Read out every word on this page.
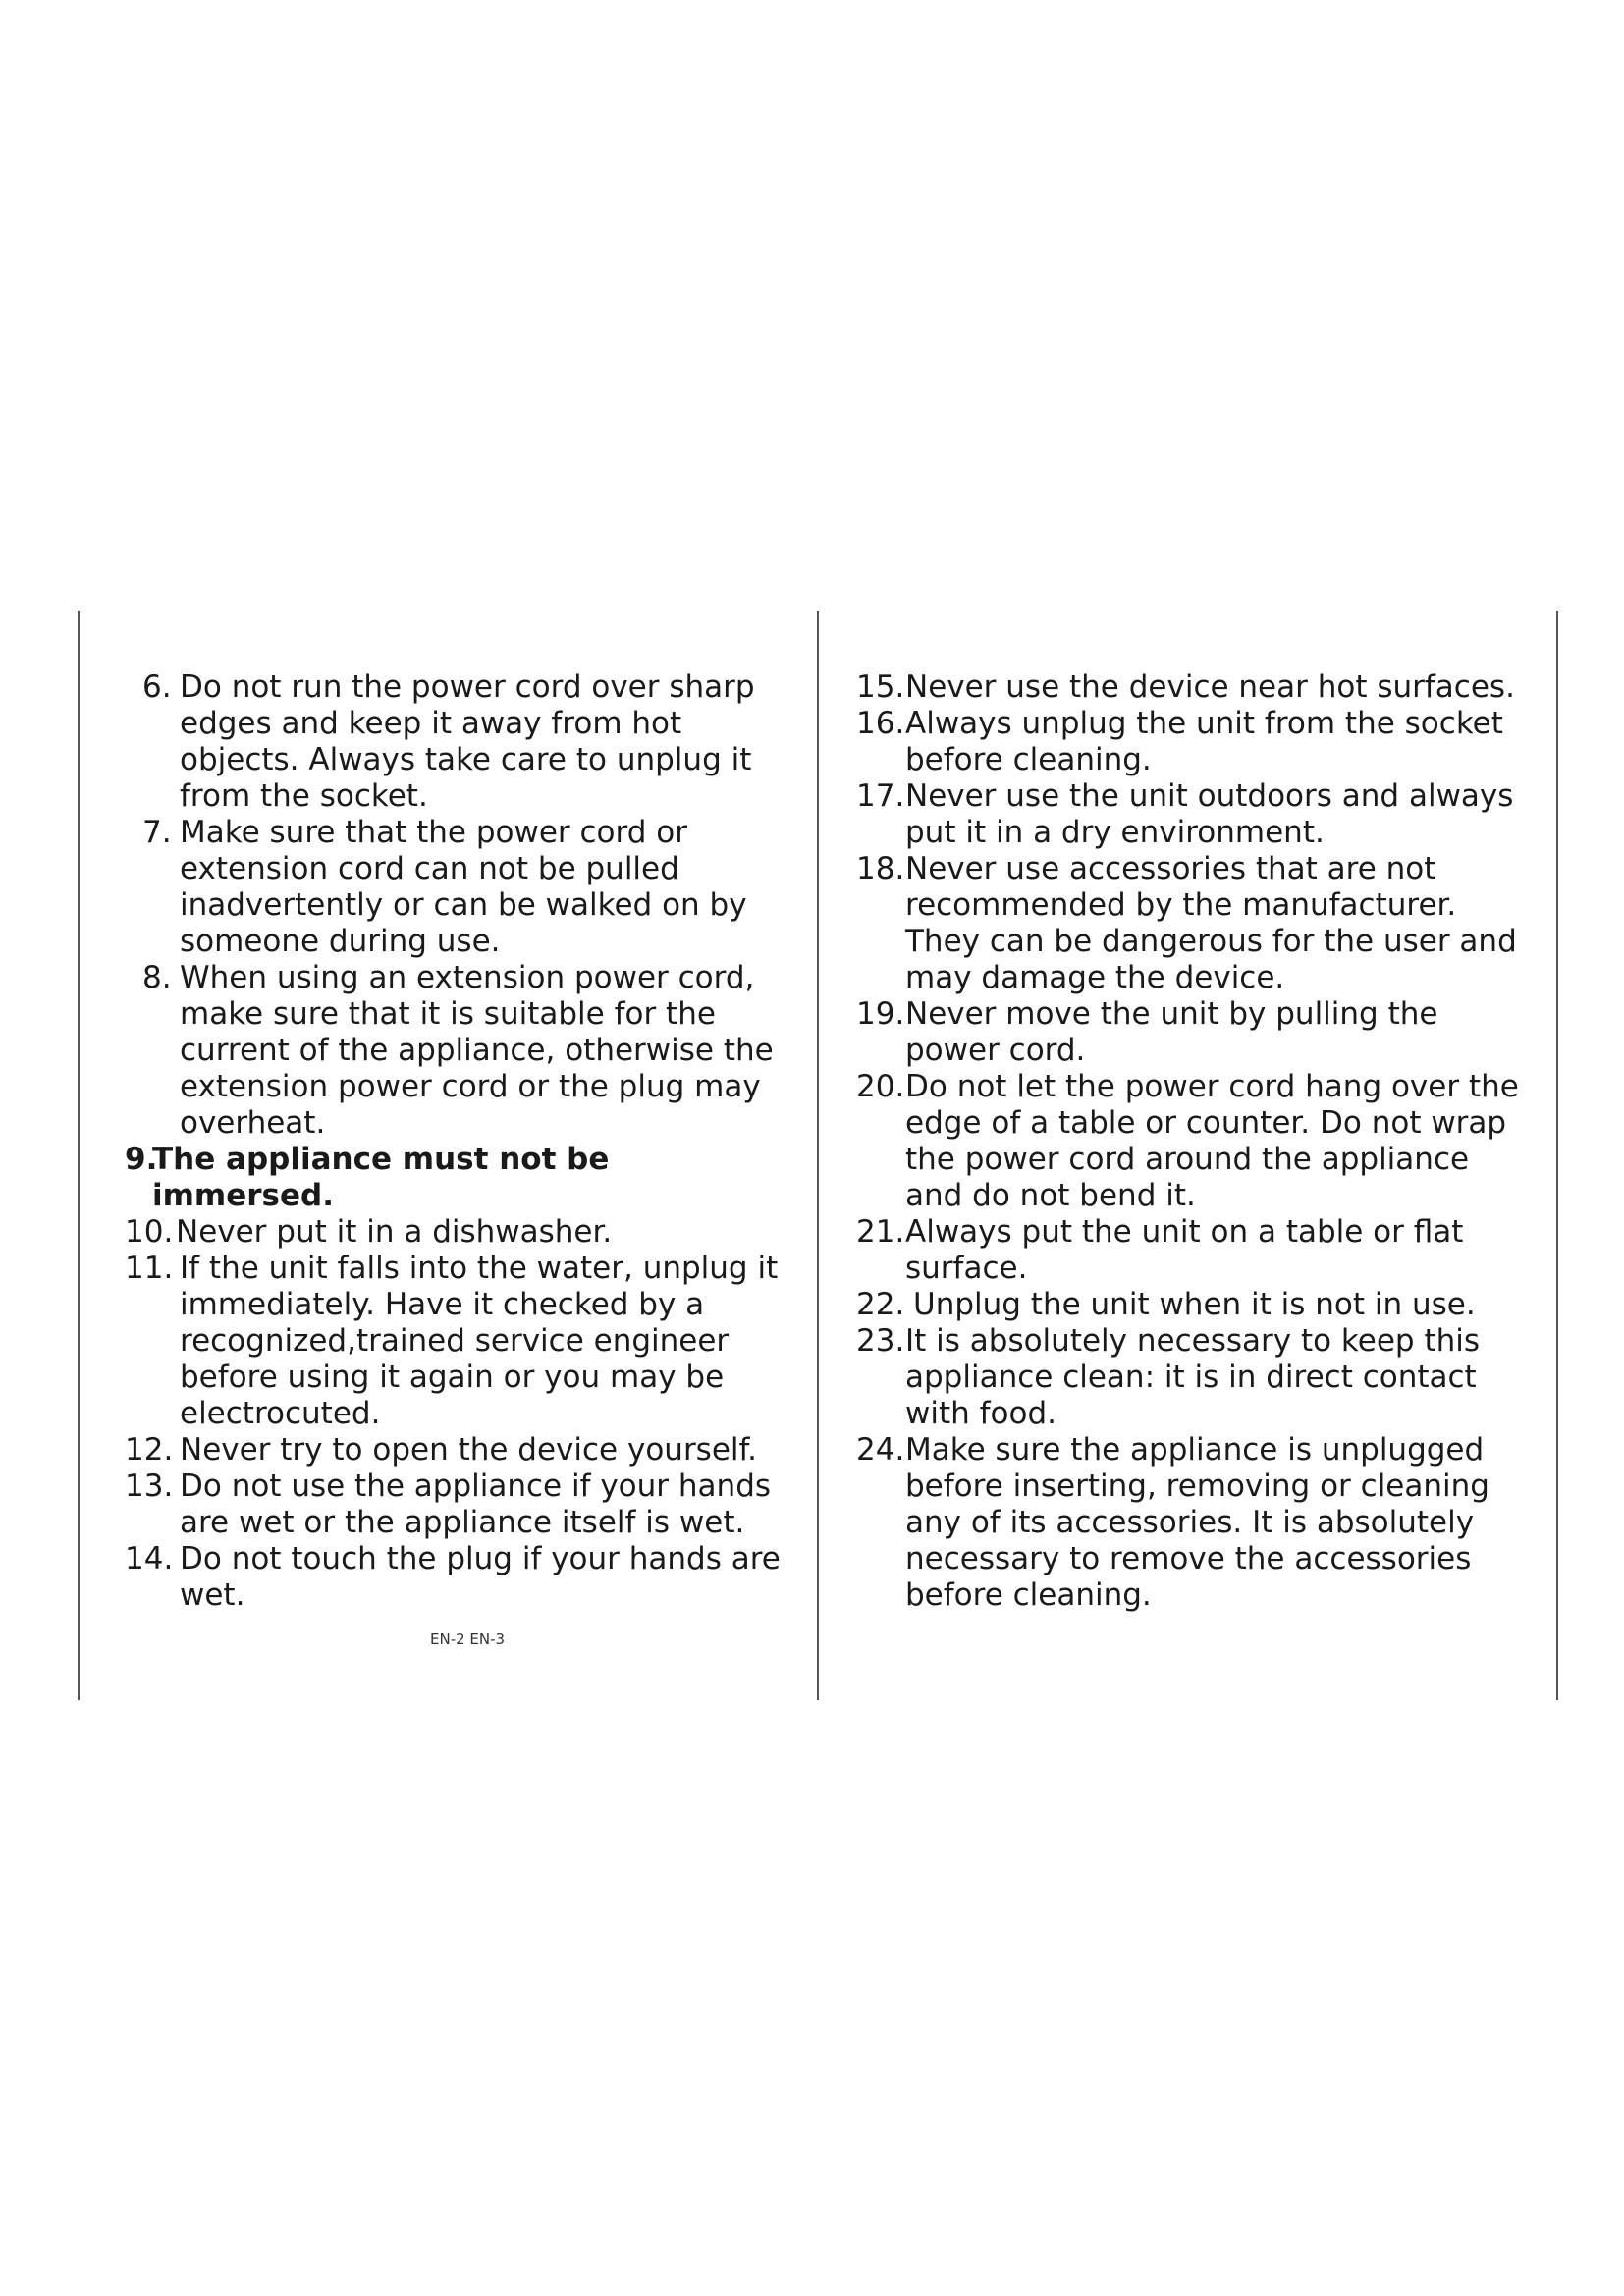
6. Do not run the power cord over sharp edges and keep it away from hot objects. Always take care to unplug it from the socket.
7. Make sure that the power cord or extension cord can not be pulled inadvertently or can be walked on by someone during use.
8. When using an extension power cord, make sure that it is suitable for the current of the appliance, otherwise the extension power cord or the plug may overheat.
9.
The appliance must not be immersed.
10. Never put it in a dishwasher.
11. If the unit falls into the water, unplug it immediately. Have it checked by a recognized,trained service engineer before using it again or you may be electrocuted.
12. Never try to open the device yourself.
13. Do not use the appliance if your hands are wet or the appliance itself is wet.
14. Do not touch the plug if your hands are wet.
15. Never use the device near hot surfaces.
16. Always unplug the unit from the socket before cleaning.
17. Never use the unit outdoors and always put it in a dry environment.
18. Never use accessories that are not recommended by the manufacturer. They can be dangerous for the user and may damage the device.
19. Never move the unit by pulling the power cord.
20. Do not let the power cord hang over the edge of a table or counter. Do not wrap the power cord around the appliance and do not bend it.
21. Always put the unit on a table or flat surface.
22. Unplug the unit when it is not in use.
23. It is absolutely necessary to keep this appliance clean: it is in direct contact with food.
24. Make sure the appliance is unplugged before inserting, removing or cleaning any of its accessories. It is absolutely necessary to remove the accessories before cleaning.
EN-2 EN-3
